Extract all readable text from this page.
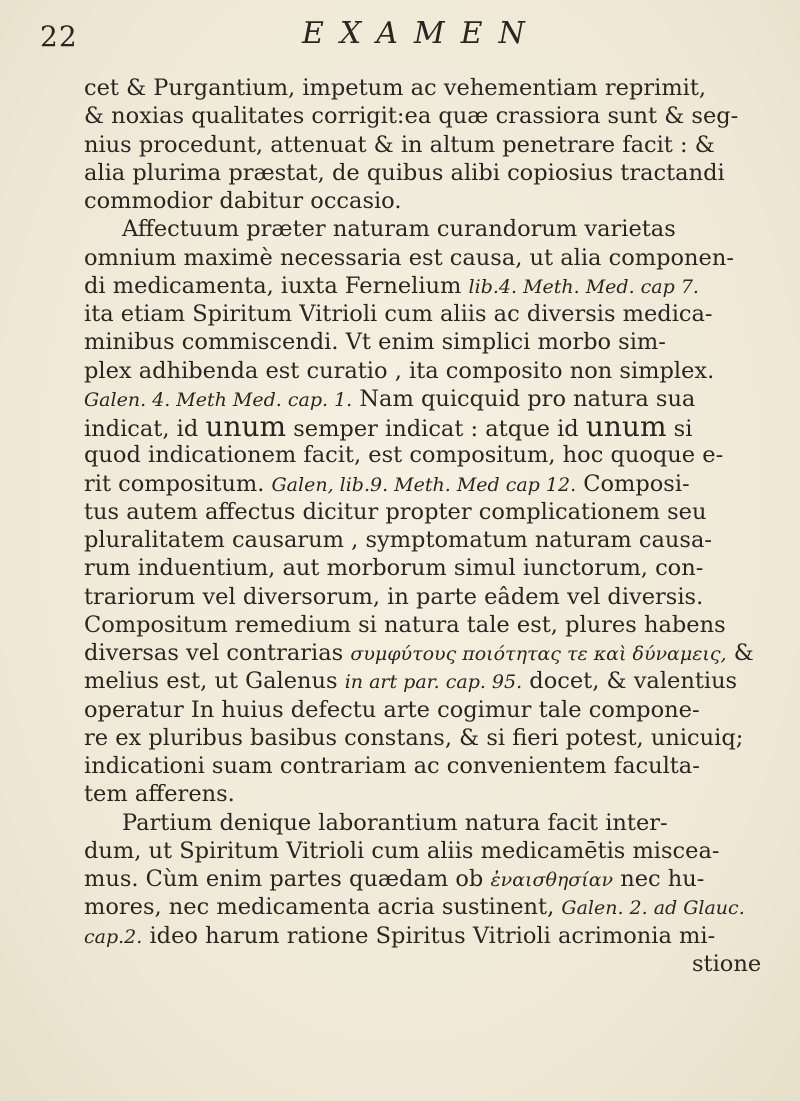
22	EXAMEN
cet & Purgantium, impetum ac vehementiam reprimit,
& noxias qualitates corrigit:ea quæ crassiora sunt & seg-
nius procedunt, attenuat & in altum penetrare facit : &
alia plurima præstat, de quibus alibi copiosius tractandi
commodior dabitur occasio.
Affectuum præter naturam curandorum varietas
omnium maximè necessaria est causa, ut alia componen-
di medicamenta, iuxta Fernelium lib.4. Meth. Med. cap 7.
ita etiam Spiritum Vitrioli cum aliis ac diversis medica-
minibus commiscendi. Vt enim simplici morbo sim-
plex adhibenda est curatio , ita composito non simplex.
Galen. 4. Meth Med. cap. 1. Nam quicquid pro natura sua
indicat, id unum semper indicat : atque id unum si
quod indicationem facit, est compositum, hoc quoque e-
rit compositum. Galen, lib.9. Meth. Med cap 12. Composi-
tus autem affectus dicitur propter complicationem seu
pluralitatem causarum , symptomatum naturam causa-
rum induentium, aut morborum simul iunctorum, con-
trariorum vel diversorum, in parte eâdem vel diversis.
Compositum remedium si natura tale est, plures habens
diversas vel contrarias συμφύτους ποιότητας τε καὶ δύναμεις, &
melius est, ut Galenus in art par. cap. 95. docet, & valentius
operatur In huius defectu arte cogimur tale compone-
re ex pluribus basibus constans, & si fieri potest, unicuiq;
indicationi suam contrariam ac convenientem faculta-
tem afferens.
Partium denique laborantium natura facit inter-
dum, ut Spiritum Vitrioli cum aliis medicamētis miscea-
mus. Cùm enim partes quædam ob ἐναισθησίαν nec hu-
mores, nec medicamenta acria sustinent, Galen. 2. ad Glauc.
cap.2. ideo harum ratione Spiritus Vitrioli acrimonia mi-
stione
